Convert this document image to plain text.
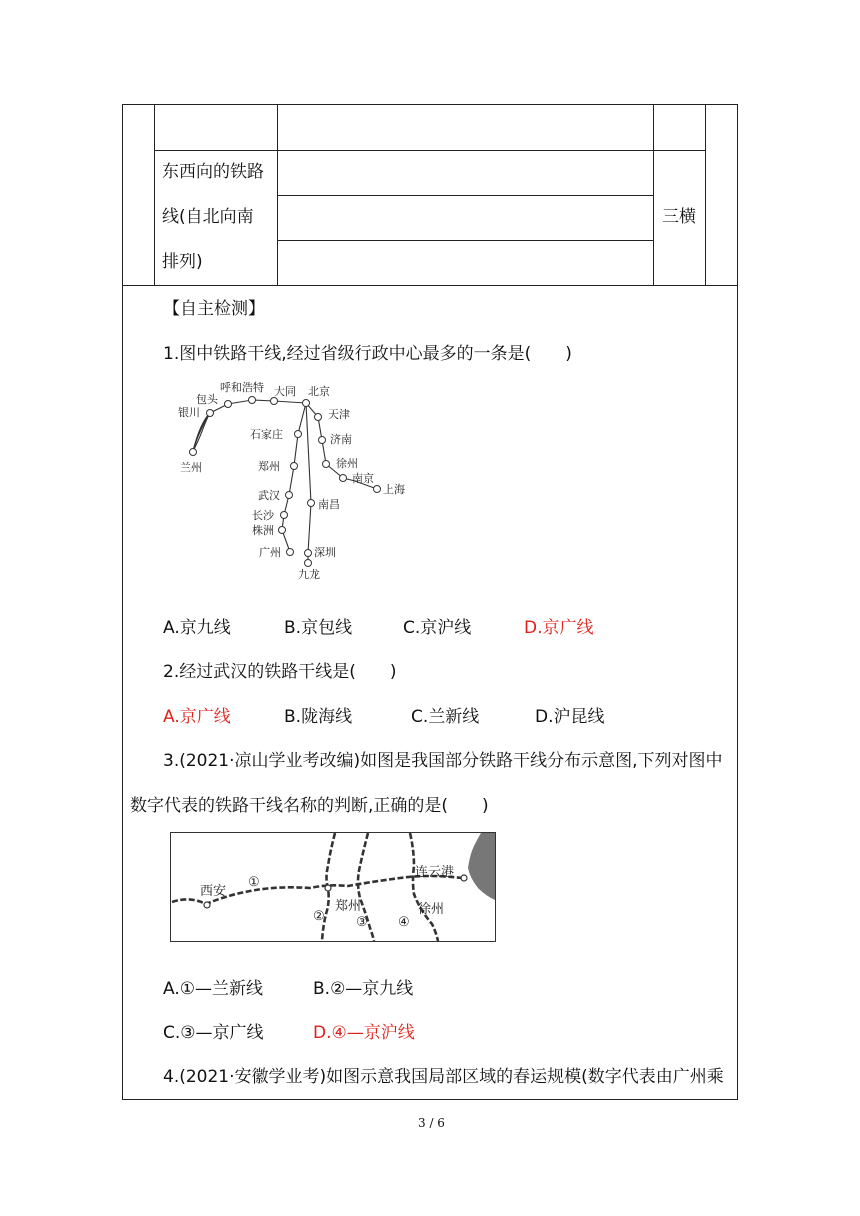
东西向的铁路
线(自北向南
排列)
三横
【自主检测】
1.图中铁路干线,经过省级行政中心最多的一条是(　　)
兰州
银川
包头
呼和浩特 大同 北京
天津
济南
徐州
南京
上海
石家庄
郑州
武汉
长沙
株洲
广州
南昌
深圳
九龙
A.京九线	B.京包线	C.京沪线	D.京广线
2.经过武汉的铁路干线是(　　)
A.京广线	B.陇海线	C.兰新线	D.沪昆线
3.(2021·凉山学业考改编)如图是我国部分铁路干线分布示意图,下列对图中
数字代表的铁路干线名称的判断,正确的是(　　)
西安
郑州	徐州
连云港
①
② ③ ④
A.①—兰新线	B.②—京九线
C.③—京广线	D.④—京沪线
4.(2021·安徽学业考)如图示意我国局部区域的春运规模(数字代表由广州乘
3 / 6
